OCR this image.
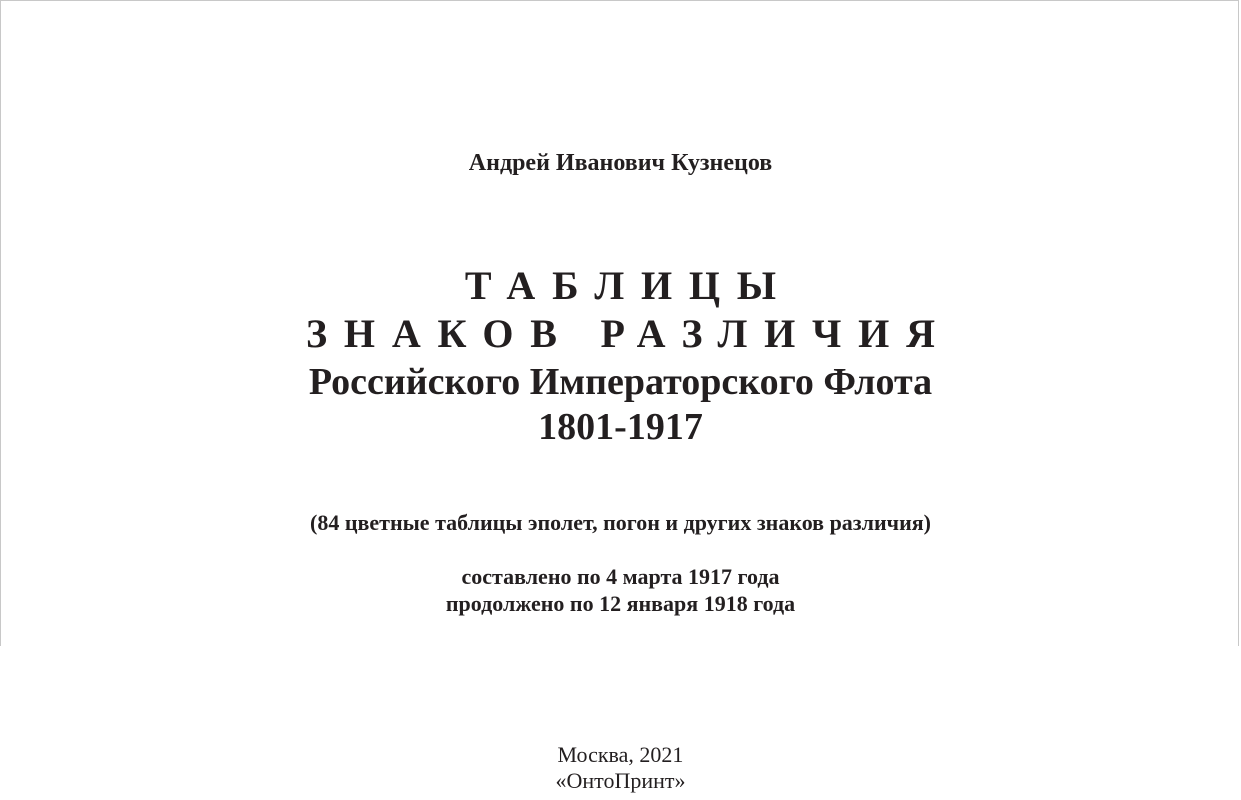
Андрей Иванович Кузнецов
ТАБЛИЦЫ
ЗНАКОВ РАЗЛИЧИЯ
Российского Императорского Флота
1801-1917
(84 цветные таблицы эполет, погон и других знаков различия)
составлено по 4 марта 1917 года
продолжено по 12 января 1918 года
Москва, 2021
«ОнтоПринт»
